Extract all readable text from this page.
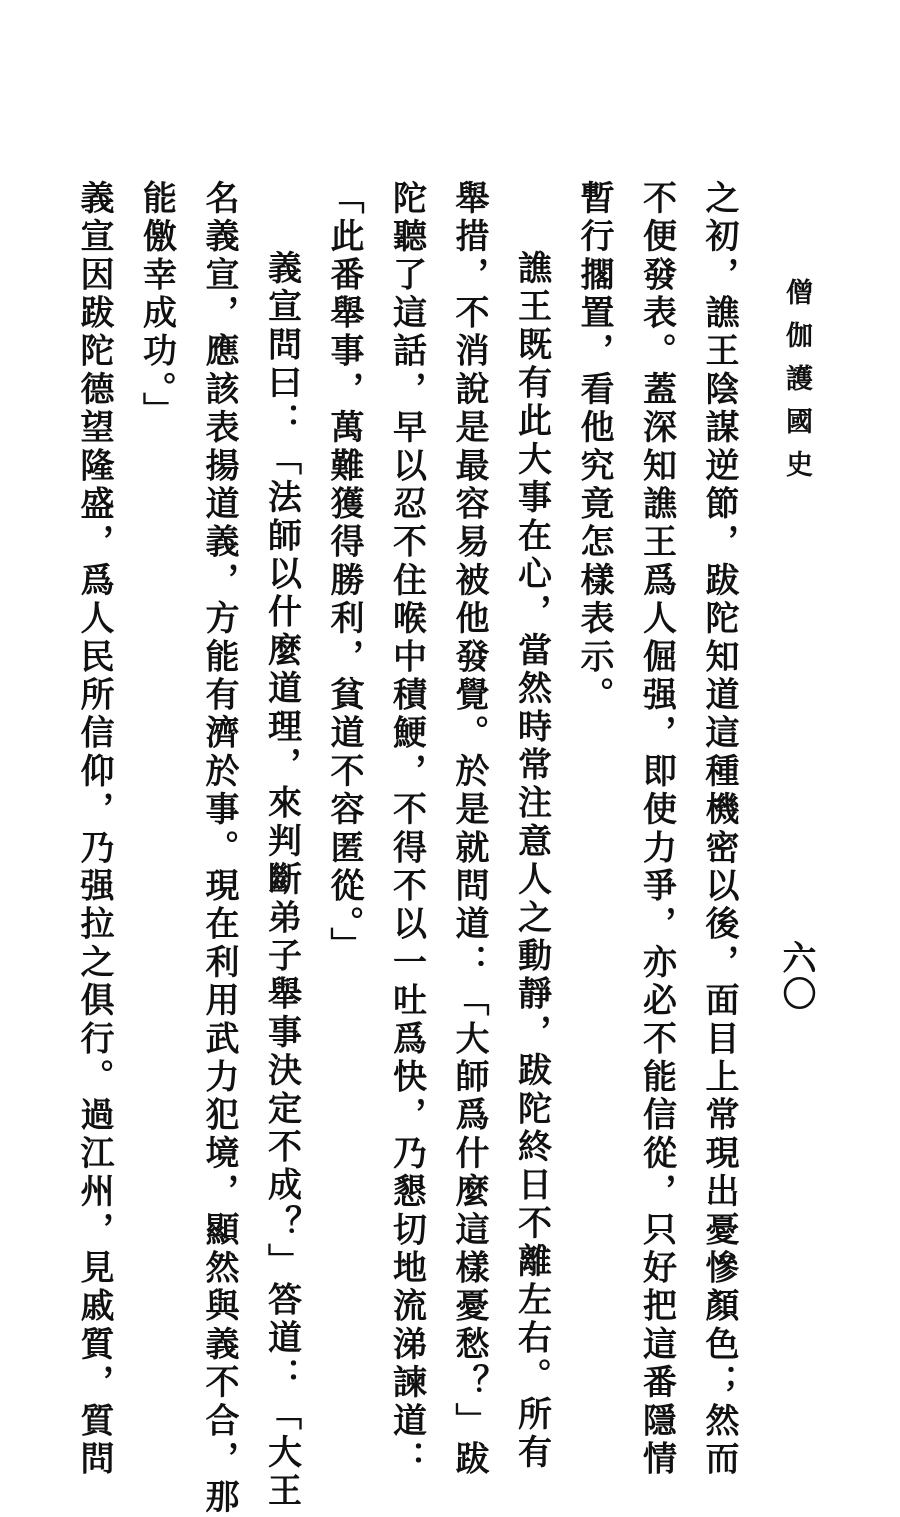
僧伽護國史
六〇
之初，譙王陰謀逆節，跋陀知道這種機密以後，面目上常現出憂慘顏色；然而
不便發表。蓋深知譙王爲人倔强，即使力爭，亦必不能信從，只好把這番隱情
暫行擱置，看他究竟怎樣表示。
譙王既有此大事在心，當然時常注意人之動靜，跋陀終日不離左右。所有
舉措，不消說是最容易被他發覺。於是就問道：「大師爲什麼這樣憂愁？」跋
陀聽了這話，早以忍不住喉中積鯁，不得不以一吐爲快，乃懇切地流涕諫道：
「此番舉事，萬難獲得勝利，貧道不容匿從。」
義宣問曰：「法師以什麼道理，來判斷弟子舉事決定不成？」答道：「大王
名義宣，應該表揚道義，方能有濟於事。現在利用武力犯境，顯然與義不合，那
能儌幸成功。」
義宣因跋陀德望隆盛，爲人民所信仰，乃强拉之俱行。過江州，見戚質，質問
